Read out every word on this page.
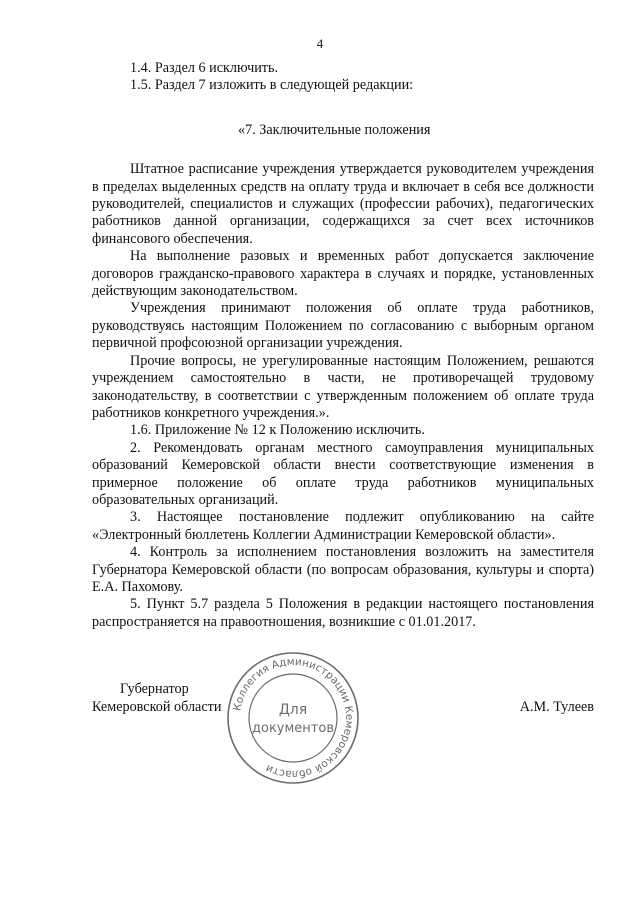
4

1.4. Раздел 6 исключить.

1.5. Раздел 7 изложить в следующей редакции:

«7. Заключительные положения

Штатное расписание учреждения утверждается руководителем учреждения в пределах выделенных средств на оплату труда и включает в себя все должности руководителей, специалистов и служащих (профессии рабочих), педагогических работников данной организации, содержащихся за счет всех источников финансового обеспечения.

На выполнение разовых и временных работ допускается заключение договоров гражданско-правового характера в случаях и порядке, установленных действующим законодательством.

Учреждения принимают положения об оплате труда работников, руководствуясь настоящим Положением по согласованию с выборным органом первичной профсоюзной организации учреждения.

Прочие вопросы, не урегулированные настоящим Положением, решаются учреждением самостоятельно в части, не противоречащей трудовому законодательству, в соответствии с утвержденным положением об оплате труда работников конкретного учреждения.».

1.6. Приложение № 12 к Положению исключить.

2. Рекомендовать органам местного самоуправления муниципальных образований Кемеровской области внести соответствующие изменения в примерное положение об оплате труда работников муниципальных образовательных организаций.

3. Настоящее постановление подлежит опубликованию на сайте «Электронный бюллетень Коллегии Администрации Кемеровской области».

4. Контроль за исполнением постановления возложить на заместителя Губернатора Кемеровской области (по вопросам образования, культуры и спорта) Е.А. Пахомову.

5. Пункт 5.7 раздела 5 Положения в редакции настоящего постановления распространяется на правоотношения, возникшие с 01.01.2017.

Коллегия Администрации Кемеровской области
Для
документов
Губернатор
Кемеровской области	А.М. Тулеев
